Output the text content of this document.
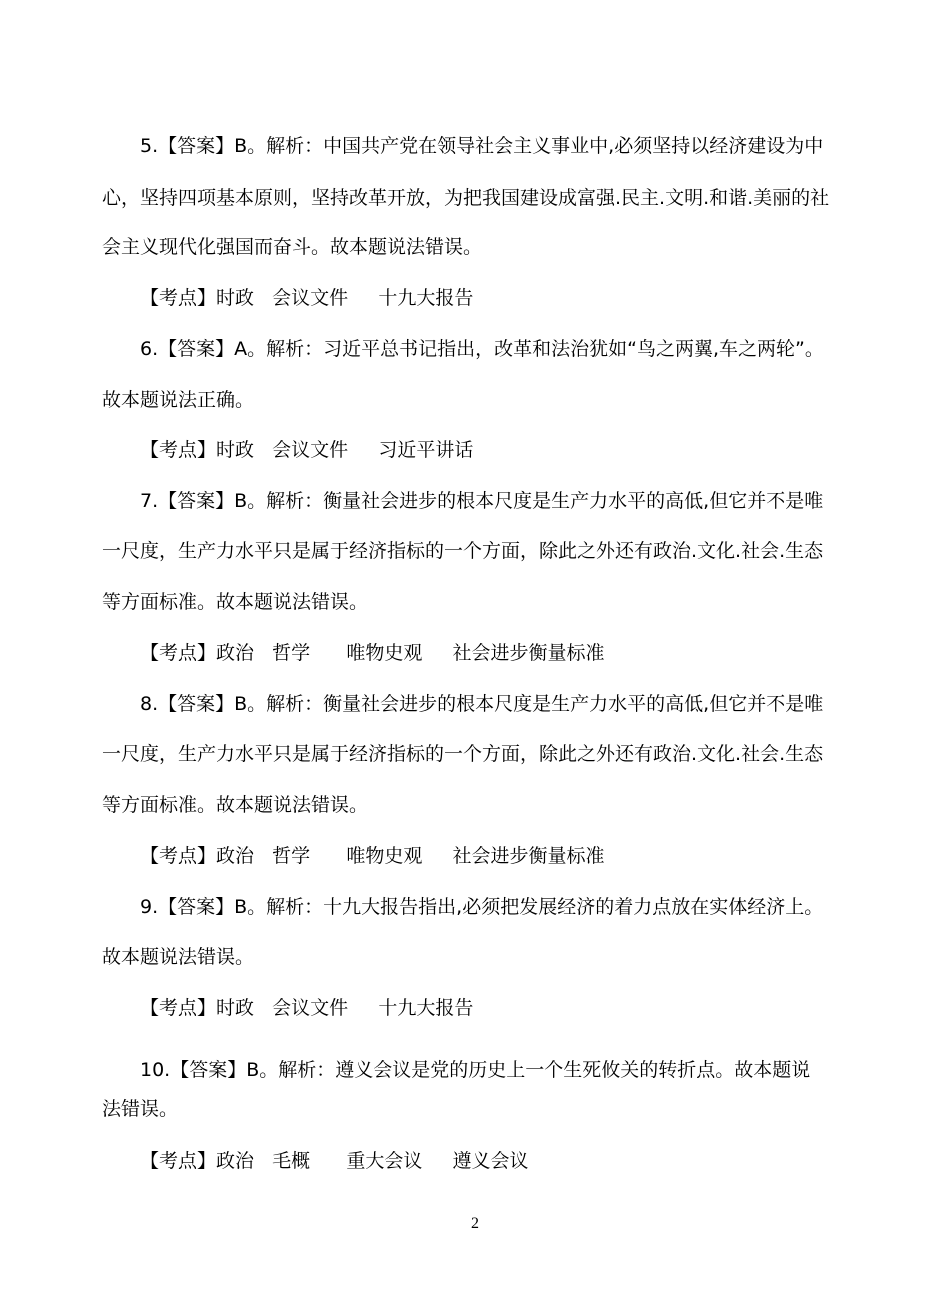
5.【答案】B。解析：中国共产党在领导社会主义事业中,必须坚持以经济建设为中
心，坚持四项基本原则，坚持改革开放，为把我国建设成富强.民主.文明.和谐.美丽的社
会主义现代化强国而奋斗。故本题说法错误。
【考点】时政   会议文件     十九大报告
6.【答案】A。解析：习近平总书记指出，改革和法治犹如“鸟之两翼,车之两轮”。
故本题说法正确。
【考点】时政   会议文件     习近平讲话
7.【答案】B。解析：衡量社会进步的根本尺度是生产力水平的高低,但它并不是唯
一尺度，生产力水平只是属于经济指标的一个方面，除此之外还有政治.文化.社会.生态
等方面标准。故本题说法错误。
【考点】政治   哲学      唯物史观     社会进步衡量标准
8.【答案】B。解析：衡量社会进步的根本尺度是生产力水平的高低,但它并不是唯
一尺度，生产力水平只是属于经济指标的一个方面，除此之外还有政治.文化.社会.生态
等方面标准。故本题说法错误。
【考点】政治   哲学      唯物史观     社会进步衡量标准
9.【答案】B。解析：十九大报告指出,必须把发展经济的着力点放在实体经济上。
故本题说法错误。
【考点】时政   会议文件     十九大报告
10.【答案】B。解析：遵义会议是党的历史上一个生死攸关的转折点。故本题说
法错误。
【考点】政治   毛概      重大会议     遵义会议
2
